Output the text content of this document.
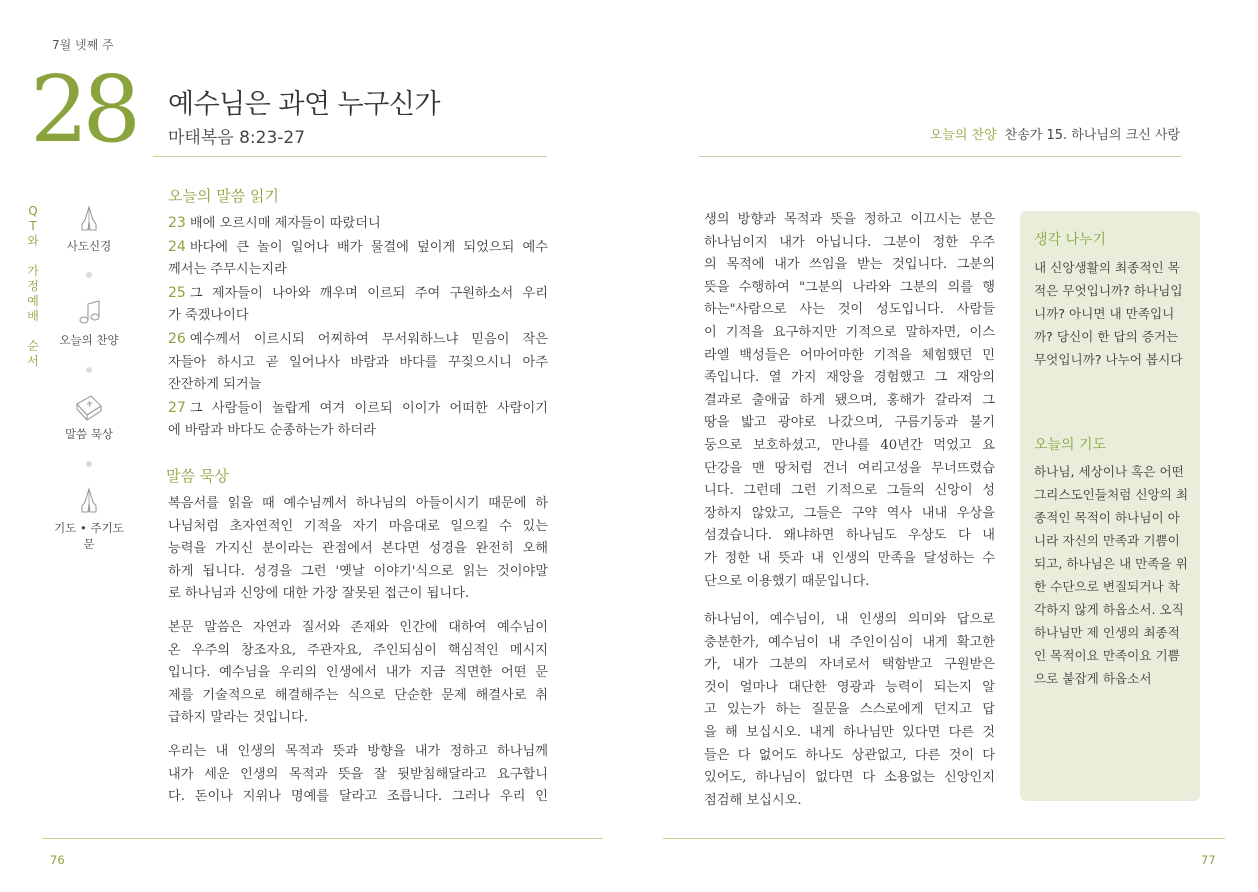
7월 넷째 주
28 예수님은 과연 누구신가
마태복음 8:23-27	오늘의 찬양 찬송가 15. 하나님의 크신 사랑
Q
T
와
가
정
예
배
순
서
사도신경
오늘의 찬양
말씀 묵상
기도 • 주기도문
오늘의 말씀 읽기
23 배에 오르시매 제자들이 따랐더니
24 바다에 큰 놀이 일어나 배가 물결에 덮이게 되었으되 예수
께서는 주무시는지라
25 그 제자들이 나아와 깨우며 이르되 주여 구원하소서 우리
가 죽겠나이다
26 예수께서 이르시되 어찌하여 무서워하느냐 믿음이 작은
자들아 하시고 곧 일어나사 바람과 바다를 꾸짖으시니 아주
잔잔하게 되거늘
27 그 사람들이 놀랍게 여겨 이르되 이이가 어떠한 사람이기
에 바람과 바다도 순종하는가 하더라
말씀 묵상
복음서를 읽을 때 예수님께서 하나님의 아들이시기 때문에 하
나님처럼 초자연적인 기적을 자기 마음대로 일으킬 수 있는
능력을 가지신 분이라는 관점에서 본다면 성경을 완전히 오해
하게 됩니다. 성경을 그런 '옛날 이야기'식으로 읽는 것이야말
로 하나님과 신앙에 대한 가장 잘못된 접근이 됩니다.
본문 말씀은 자연과 질서와 존재와 인간에 대하여 예수님이
온 우주의 창조자요, 주관자요, 주인되심이 핵심적인 메시지
입니다. 예수님을 우리의 인생에서 내가 지금 직면한 어떤 문
제를 기술적으로 해결해주는 식으로 단순한 문제 해결사로 취
급하지 말라는 것입니다.
우리는 내 인생의 목적과 뜻과 방향을 내가 정하고 하나님께
내가 세운 인생의 목적과 뜻을 잘 뒷받침해달라고 요구합니
다. 돈이나 지위나 명예를 달라고 조릅니다. 그러나 우리 인
생의 방향과 목적과 뜻을 정하고 이끄시는 분은
하나님이지 내가 아닙니다. 그분이 정한 우주
의 목적에 내가 쓰임을 받는 것입니다. 그분의
뜻을 수행하여 "그분의 나라와 그분의 의를 행
하는"사람으로 사는 것이 성도입니다. 사람들
이 기적을 요구하지만 기적으로 말하자면, 이스
라엘 백성들은 어마어마한 기적을 체험했던 민
족입니다. 열 가지 재앙을 경험했고 그 재앙의
결과로 출애굽 하게 됐으며, 홍해가 갈라져 그
땅을 밟고 광야로 나갔으며, 구름기둥과 불기
둥으로 보호하셨고, 만나를 40년간 먹었고 요
단강을 맨 땅처럼 건너 여리고성을 무너뜨렸습
니다. 그런데 그런 기적으로 그들의 신앙이 성
장하지 않았고, 그들은 구약 역사 내내 우상을
섬겼습니다. 왜냐하면 하나님도 우상도 다 내
가 정한 내 뜻과 내 인생의 만족을 달성하는 수
단으로 이용했기 때문입니다.
하나님이, 예수님이, 내 인생의 의미와 답으로
충분한가, 예수님이 내 주인이심이 내게 확고한
가, 내가 그분의 자녀로서 택함받고 구원받은
것이 얼마나 대단한 영광과 능력이 되는지 알
고 있는가 하는 질문을 스스로에게 던지고 답
을 해 보십시오. 내게 하나님만 있다면 다른 것
들은 다 없어도 하나도 상관없고, 다른 것이 다
있어도, 하나님이 없다면 다 소용없는 신앙인지
점검해 보십시오.
생각 나누기
내 신앙생활의 최종적인 목
적은 무엇입니까? 하나님입
니까? 아니면 내 만족입니
까? 당신이 한 답의 증거는
무엇입니까? 나누어 봅시다
오늘의 기도
하나님, 세상이나 혹은 어떤
그리스도인들처럼 신앙의 최
종적인 목적이 하나님이 아
니라 자신의 만족과 기쁨이
되고, 하나님은 내 만족을 위
한 수단으로 변질되거나 착
각하지 않게 하옵소서. 오직
하나님만 제 인생의 최종적
인 목적이요 만족이요 기쁨
으로 붙잡게 하옵소서
76	77
